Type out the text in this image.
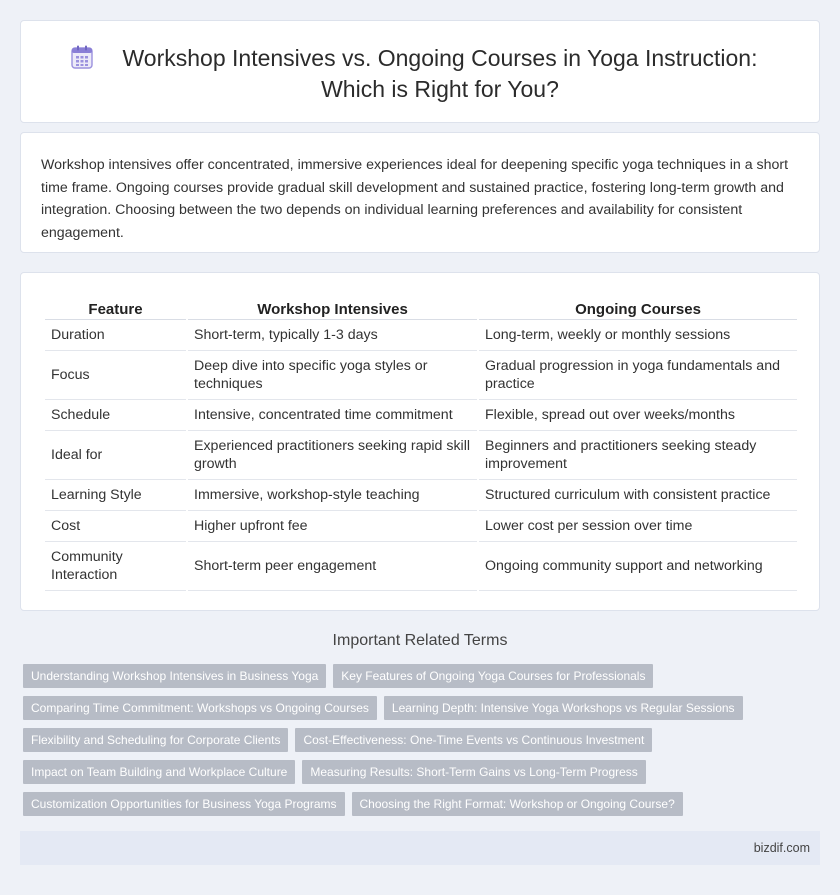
Workshop Intensives vs. Ongoing Courses in Yoga Instruction: Which is Right for You?

Workshop intensives offer concentrated, immersive experiences ideal for deepening specific yoga techniques in a short time frame. Ongoing courses provide gradual skill development and sustained practice, fostering long-term growth and integration. Choosing between the two depends on individual learning preferences and availability for consistent engagement.

Feature	Workshop Intensives	Ongoing Courses
Duration	Short-term, typically 1-3 days	Long-term, weekly or monthly sessions
Focus	Deep dive into specific yoga styles or techniques	Gradual progression in yoga fundamentals and practice
Schedule	Intensive, concentrated time commitment	Flexible, spread out over weeks/months
Ideal for	Experienced practitioners seeking rapid skill growth	Beginners and practitioners seeking steady improvement
Learning Style	Immersive, workshop-style teaching	Structured curriculum with consistent practice
Cost	Higher upfront fee	Lower cost per session over time
Community Interaction	Short-term peer engagement	Ongoing community support and networking
Important Related Terms
Understanding Workshop Intensives in Business Yoga	Key Features of Ongoing Yoga Courses for Professionals
Comparing Time Commitment: Workshops vs Ongoing Courses	Learning Depth: Intensive Yoga Workshops vs Regular Sessions
Flexibility and Scheduling for Corporate Clients	Cost-Effectiveness: One-Time Events vs Continuous Investment
Impact on Team Building and Workplace Culture	Measuring Results: Short-Term Gains vs Long-Term Progress
Customization Opportunities for Business Yoga Programs	Choosing the Right Format: Workshop or Ongoing Course?
bizdif.com
